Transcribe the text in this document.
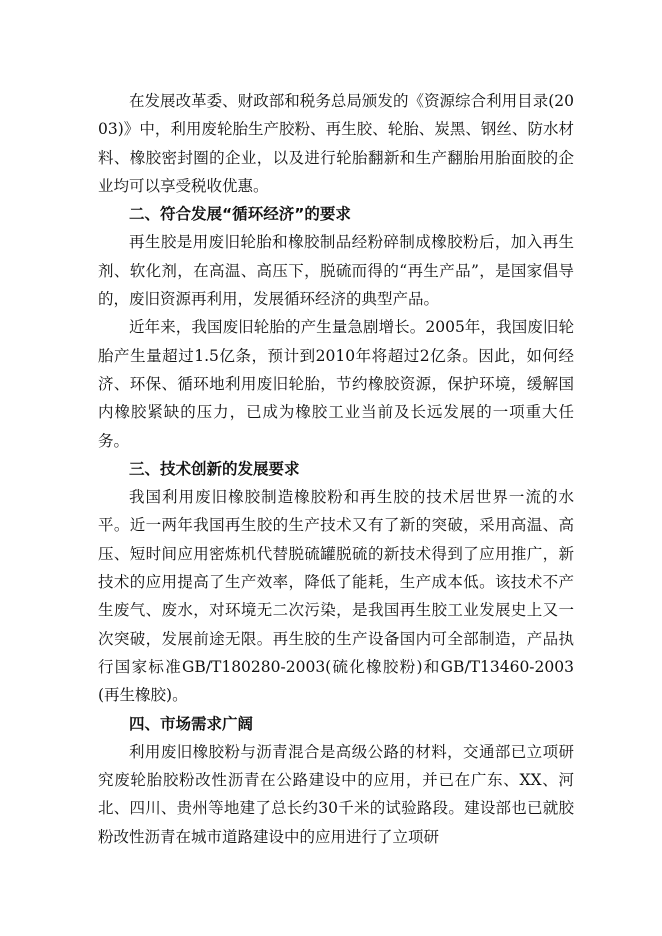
在发展改革委、财政部和税务总局颁发的《资源综合利用目录(2003)》中，利用废轮胎生产胶粉、再生胶、轮胎、炭黑、钢丝、防水材料、橡胶密封圈的企业，以及进行轮胎翻新和生产翻胎用胎面胶的企业均可以享受税收优惠。

二、符合发展“循环经济”的要求

再生胶是用废旧轮胎和橡胶制品经粉碎制成橡胶粉后，加入再生剂、软化剂，在高温、高压下，脱硫而得的“再生产品”，是国家倡导的，废旧资源再利用，发展循环经济的典型产品。

近年来，我国废旧轮胎的产生量急剧增长。2005年，我国废旧轮胎产生量超过1.5亿条，预计到2010年将超过2亿条。因此，如何经济、环保、循环地利用废旧轮胎，节约橡胶资源，保护环境，缓解国内橡胶紧缺的压力，已成为橡胶工业当前及长远发展的一项重大任务。

三、技术创新的发展要求

我国利用废旧橡胶制造橡胶粉和再生胶的技术居世界一流的水平。近一两年我国再生胶的生产技术又有了新的突破，采用高温、高压、短时间应用密炼机代替脱硫罐脱硫的新技术得到了应用推广，新技术的应用提高了生产效率，降低了能耗，生产成本低。该技术不产生废气、废水，对环境无二次污染，是我国再生胶工业发展史上又一次突破，发展前途无限。再生胶的生产设备国内可全部制造，产品执行国家标准GB/T180280-2003(硫化橡胶粉)和GB/T13460-2003(再生橡胶)。

四、市场需求广阔

利用废旧橡胶粉与沥青混合是高级公路的材料，交通部已立项研究废轮胎胶粉改性沥青在公路建设中的应用，并已在广东、XX、河北、四川、贵州等地建了总长约30千米的试验路段。建设部也已就胶粉改性沥青在城市道路建设中的应用进行了立项研
